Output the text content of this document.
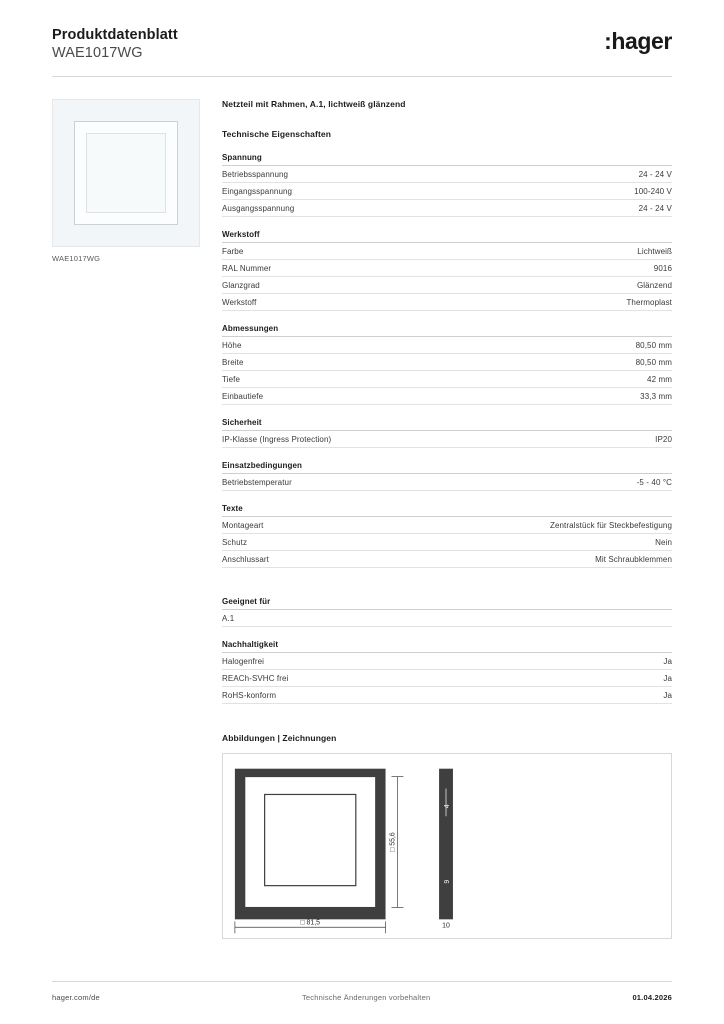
Produktdatenblatt
WAE1017WG	:hager
WAE1017WG
Netzteil mit Rahmen, A.1, lichtweiß glänzend
Technische Eigenschaften
Spannung
Betriebsspannung	24 - 24 V
Eingangsspannung	100-240 V
Ausgangsspannung	24 - 24 V
Werkstoff
Farbe	Lichtweiß
RAL Nummer	9016
Glanzgrad	Glänzend
Werkstoff	Thermoplast
Abmessungen
Höhe	80,50 mm
Breite	80,50 mm
Tiefe	42 mm
Einbautiefe	33,3 mm
Sicherheit
IP-Klasse (Ingress Protection)	IP20
Einsatzbedingungen
Betriebstemperatur	-5 - 40 °C
Texte
Montageart	Zentralstück für Steckbefestigung
Schutz	Nein
Anschlussart	Mit Schraubklemmen
Geeignet für
A.1
Nachhaltigkeit
Halogenfrei	Ja
REACh-SVHC frei	Ja
RoHS-konform	Ja
Abbildungen | Zeichnungen
□ 81,5
□ 55,6
4
9
10
hager.com/de	Technische Änderungen vorbehalten	01.04.2026
